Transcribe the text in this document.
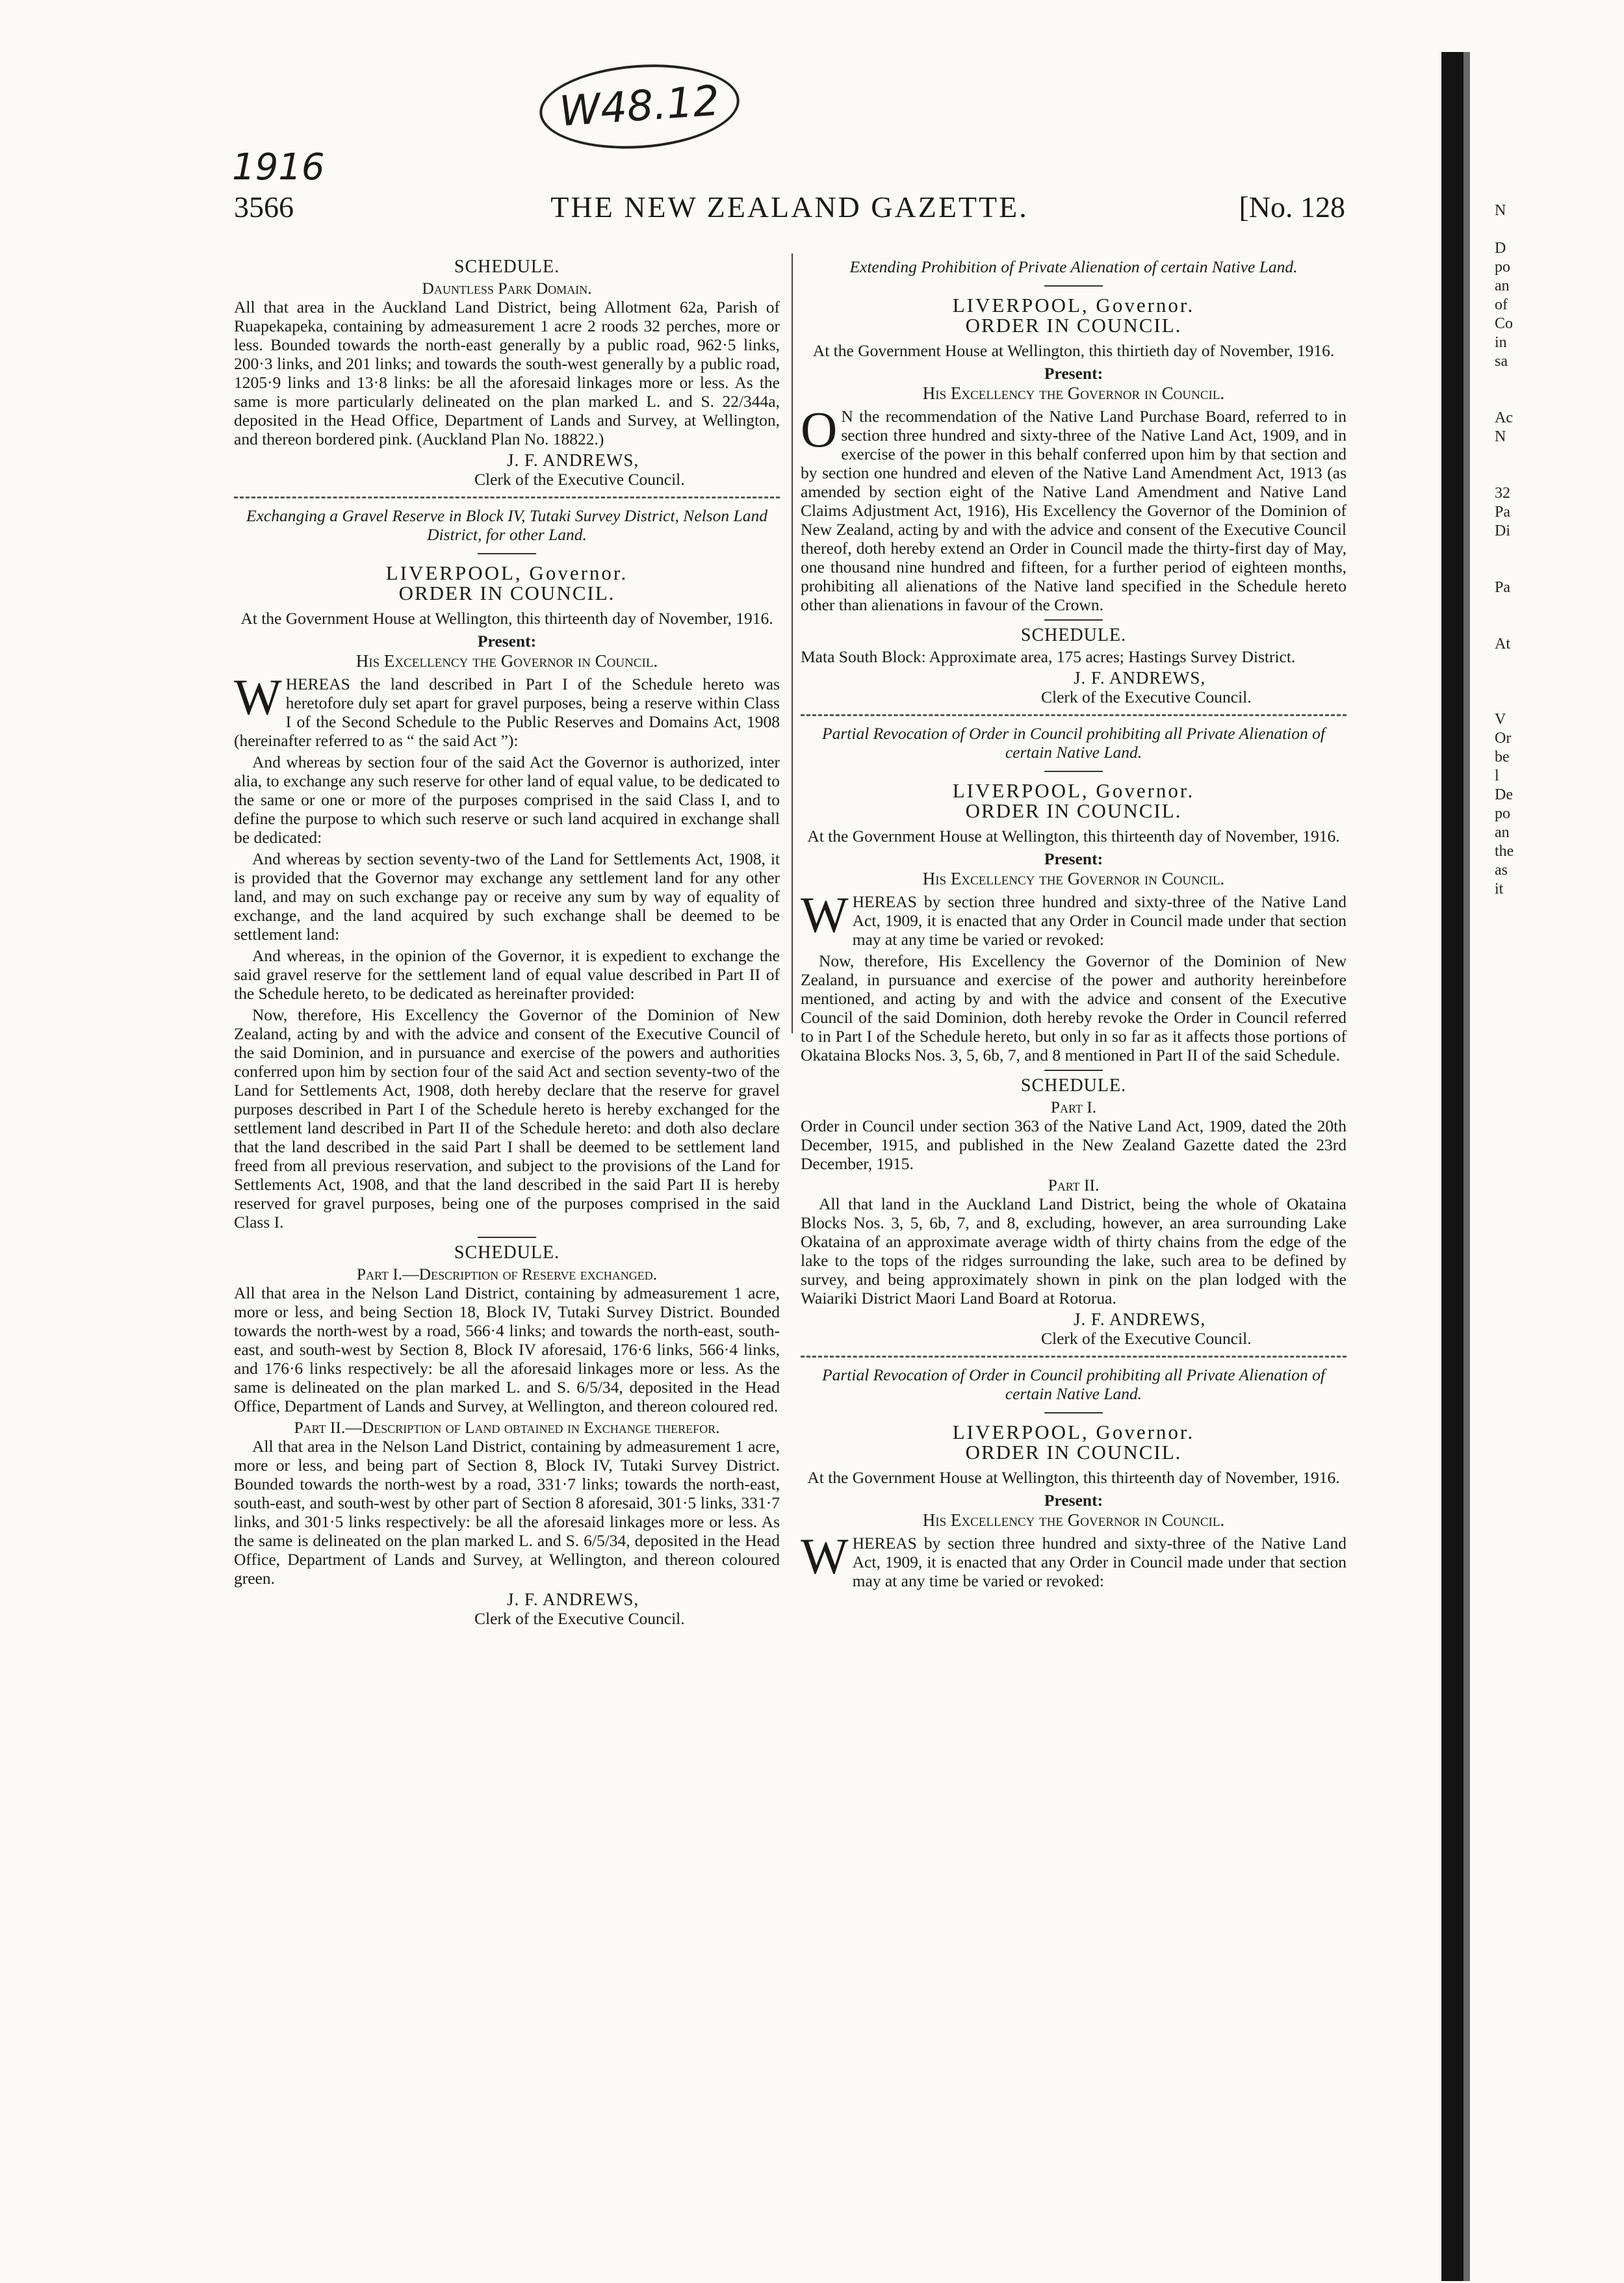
W48.12
1916
3566	THE NEW ZEALAND GAZETTE.	[No. 128
SCHEDULE.
Dauntless Park Domain.

All that area in the Auckland Land District, being Allotment 62a, Parish of Ruapekapeka, containing by admeasurement 1 acre 2 roods 32 perches, more or less. Bounded towards the north-east generally by a public road, 962·5 links, 200·3 links, and 201 links; and towards the south-west generally by a public road, 1205·9 links and 13·8 links: be all the aforesaid linkages more or less. As the same is more particularly delineated on the plan marked L. and S. 22/344a, deposited in the Head Office, Department of Lands and Survey, at Wellington, and thereon bordered pink. (Auckland Plan No. 18822.)

J. F. ANDREWS,
Clerk of the Executive Council.
Exchanging a Gravel Reserve in Block IV, Tutaki Survey District, Nelson Land District, for other Land.
LIVERPOOL, Governor.
ORDER IN COUNCIL.
At the Government House at Wellington, this thirteenth day of November, 1916.
Present:
His Excellency the Governor in Council.

WHEREAS the land described in Part I of the Schedule hereto was heretofore duly set apart for gravel purposes, being a reserve within Class I of the Second Schedule to the Public Reserves and Domains Act, 1908 (hereinafter referred to as “ the said Act ”):

And whereas by section four of the said Act the Governor is authorized, inter alia, to exchange any such reserve for other land of equal value, to be dedicated to the same or one or more of the purposes comprised in the said Class I, and to define the purpose to which such reserve or such land acquired in exchange shall be dedicated:

And whereas by section seventy-two of the Land for Settlements Act, 1908, it is provided that the Governor may exchange any settlement land for any other land, and may on such exchange pay or receive any sum by way of equality of exchange, and the land acquired by such exchange shall be deemed to be settlement land:

And whereas, in the opinion of the Governor, it is expedient to exchange the said gravel reserve for the settlement land of equal value described in Part II of the Schedule hereto, to be dedicated as hereinafter provided:

Now, therefore, His Excellency the Governor of the Dominion of New Zealand, acting by and with the advice and consent of the Executive Council of the said Dominion, and in pursuance and exercise of the powers and authorities conferred upon him by section four of the said Act and section seventy-two of the Land for Settlements Act, 1908, doth hereby declare that the reserve for gravel purposes described in Part I of the Schedule hereto is hereby exchanged for the settlement land described in Part II of the Schedule hereto: and doth also declare that the land described in the said Part I shall be deemed to be settlement land freed from all previous reservation, and subject to the provisions of the Land for Settlements Act, 1908, and that the land described in the said Part II is hereby reserved for gravel purposes, being one of the purposes comprised in the said Class I.

SCHEDULE.
Part I.—Description of Reserve exchanged.

All that area in the Nelson Land District, containing by admeasurement 1 acre, more or less, and being Section 18, Block IV, Tutaki Survey District. Bounded towards the north-west by a road, 566·4 links; and towards the north-east, south-east, and south-west by Section 8, Block IV aforesaid, 176·6 links, 566·4 links, and 176·6 links respectively: be all the aforesaid linkages more or less. As the same is delineated on the plan marked L. and S. 6/5/34, deposited in the Head Office, Department of Lands and Survey, at Wellington, and thereon coloured red.

Part II.—Description of Land obtained in Exchange therefor.

All that area in the Nelson Land District, containing by admeasurement 1 acre, more or less, and being part of Section 8, Block IV, Tutaki Survey District. Bounded towards the north-west by a road, 331·7 links; towards the north-east, south-east, and south-west by other part of Section 8 aforesaid, 301·5 links, 331·7 links, and 301·5 links respectively: be all the aforesaid linkages more or less. As the same is delineated on the plan marked L. and S. 6/5/34, deposited in the Head Office, Department of Lands and Survey, at Wellington, and thereon coloured green.

J. F. ANDREWS,
Clerk of the Executive Council.
Extending Prohibition of Private Alienation of certain Native Land.
LIVERPOOL, Governor.
ORDER IN COUNCIL.
At the Government House at Wellington, this thirtieth day of November, 1916.
Present:
His Excellency the Governor in Council.

ON the recommendation of the Native Land Purchase Board, referred to in section three hundred and sixty-three of the Native Land Act, 1909, and in exercise of the power in this behalf conferred upon him by that section and by section one hundred and eleven of the Native Land Amendment Act, 1913 (as amended by section eight of the Native Land Amendment and Native Land Claims Adjustment Act, 1916), His Excellency the Governor of the Dominion of New Zealand, acting by and with the advice and consent of the Executive Council thereof, doth hereby extend an Order in Council made the thirty-first day of May, one thousand nine hundred and fifteen, for a further period of eighteen months, prohibiting all alienations of the Native land specified in the Schedule hereto other than alienations in favour of the Crown.

SCHEDULE.

Mata South Block: Approximate area, 175 acres; Hastings Survey District.

J. F. ANDREWS,
Clerk of the Executive Council.
Partial Revocation of Order in Council prohibiting all Private Alienation of certain Native Land.
LIVERPOOL, Governor.
ORDER IN COUNCIL.
At the Government House at Wellington, this thirteenth day of November, 1916.
Present:
His Excellency the Governor in Council.

WHEREAS by section three hundred and sixty-three of the Native Land Act, 1909, it is enacted that any Order in Council made under that section may at any time be varied or revoked:

Now, therefore, His Excellency the Governor of the Dominion of New Zealand, in pursuance and exercise of the power and authority hereinbefore mentioned, and acting by and with the advice and consent of the Executive Council of the said Dominion, doth hereby revoke the Order in Council referred to in Part I of the Schedule hereto, but only in so far as it affects those portions of Okataina Blocks Nos. 3, 5, 6b, 7, and 8 mentioned in Part II of the said Schedule.

SCHEDULE.
Part I.

Order in Council under section 363 of the Native Land Act, 1909, dated the 20th December, 1915, and published in the New Zealand Gazette dated the 23rd December, 1915.

Part II.

All that land in the Auckland Land District, being the whole of Okataina Blocks Nos. 3, 5, 6b, 7, and 8, excluding, however, an area surrounding Lake Okataina of an approximate average width of thirty chains from the edge of the lake to the tops of the ridges surrounding the lake, such area to be defined by survey, and being approximately shown in pink on the plan lodged with the Waiariki District Maori Land Board at Rotorua.

J. F. ANDREWS,
Clerk of the Executive Council.
Partial Revocation of Order in Council prohibiting all Private Alienation of certain Native Land.
LIVERPOOL, Governor.
ORDER IN COUNCIL.
At the Government House at Wellington, this thirteenth day of November, 1916.
Present:
His Excellency the Governor in Council.

WHEREAS by section three hundred and sixty-three of the Native Land Act, 1909, it is enacted that any Order in Council made under that section may at any time be varied or revoked:

N
D
po
an
of
Co
in
sa
Ac
N
32
Pa
Di
Pa
At
V
Or
be
l
De
po
an
the
as
it
